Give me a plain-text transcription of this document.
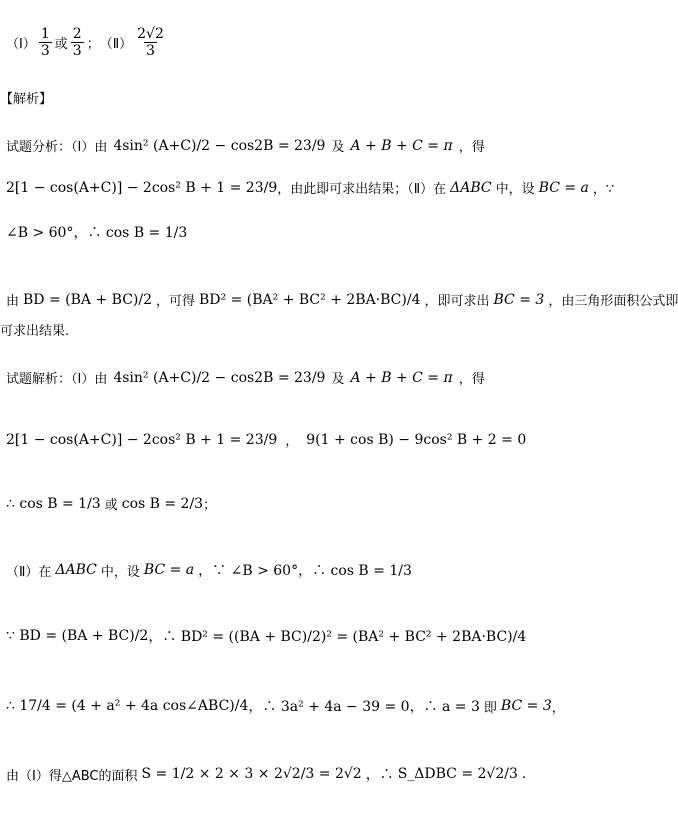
（Ⅰ） $\frac{1}{3}$ 或 $\frac{2}{3}$ ； （Ⅱ） $\frac{2√2}{3}$
【解析】
试题分析：（Ⅰ）由 4sin² (A+C)/2 − cos2B = 23/9 及 A + B + C = π ，得
2[1 − cos(A+C)] − 2cos² B + 1 = 23/9 ，由此即可求出结果；（Ⅱ）在 ΔABC 中，设 BC = a ，∵
∠B > 60°，∴ cos B = 1/3
由 BD = (BA + BC)/2 ，可得 BD² = (BA² + BC² + 2BA·BC)/4 ，即可求出 BC = 3 ，由三角形面积公式即
可求出结果.
试题解析：（Ⅰ）由 4sin² (A+C)/2 − cos2B = 23/9 及 A + B + C = π ，得
2[1 − cos(A+C)] − 2cos² B + 1 = 23/9 ， 9(1 + cos B) − 9cos² B + 2 = 0
∴ cos B = 1/3 或 cos B = 2/3 ；
（Ⅱ）在 ΔABC 中，设 BC = a ，∵ ∠B > 60°，∴ cos B = 1/3
∵ BD = (BA + BC)/2 ，∴ BD² = ((BA + BC)/2)² = (BA² + BC² + 2BA·BC)/4
∴ 17/4 = (4 + a² + 4a cos∠ABC)/4 ，∴ 3a² + 4a − 39 = 0 ，∴ a = 3 即 BC = 3 ，
由（Ⅰ）得△ABC的面积 S = 1/2 × 2 × 3 × 2√2/3 = 2√2 ，∴ S_ΔDBC = 2√2/3 .
